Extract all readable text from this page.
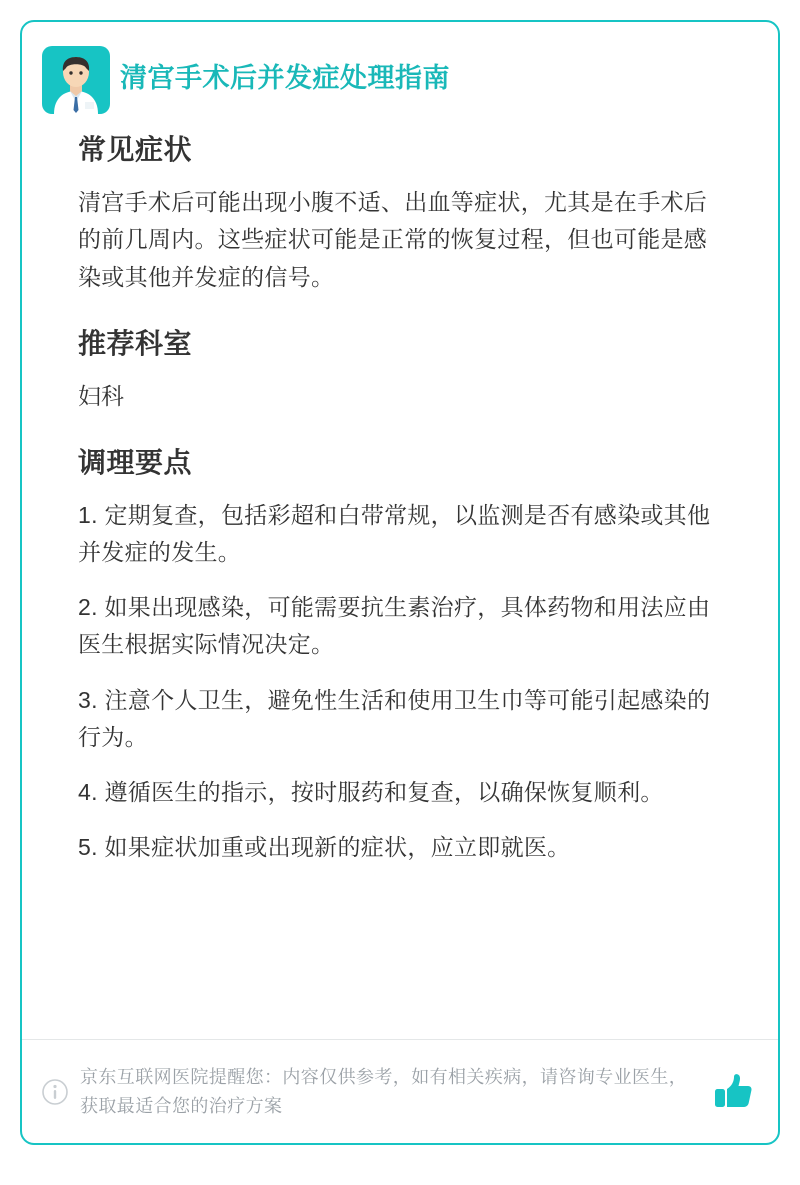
清宫手术后并发症处理指南
常见症状

清宫手术后可能出现小腹不适、出血等症状，尤其是在手术后的前几周内。这些症状可能是正常的恢复过程，但也可能是感染或其他并发症的信号。

推荐科室

妇科

调理要点
1. 定期复查，包括彩超和白带常规，以监测是否有感染或其他并发症的发生。
2. 如果出现感染，可能需要抗生素治疗，具体药物和用法应由医生根据实际情况决定。
3. 注意个人卫生，避免性生活和使用卫生巾等可能引起感染的行为。
4. 遵循医生的指示，按时服药和复查，以确保恢复顺利。
5. 如果症状加重或出现新的症状，应立即就医。
京东互联网医院提醒您：内容仅供参考，如有相关疾病，请咨询专业医生，获取最适合您的治疗方案
